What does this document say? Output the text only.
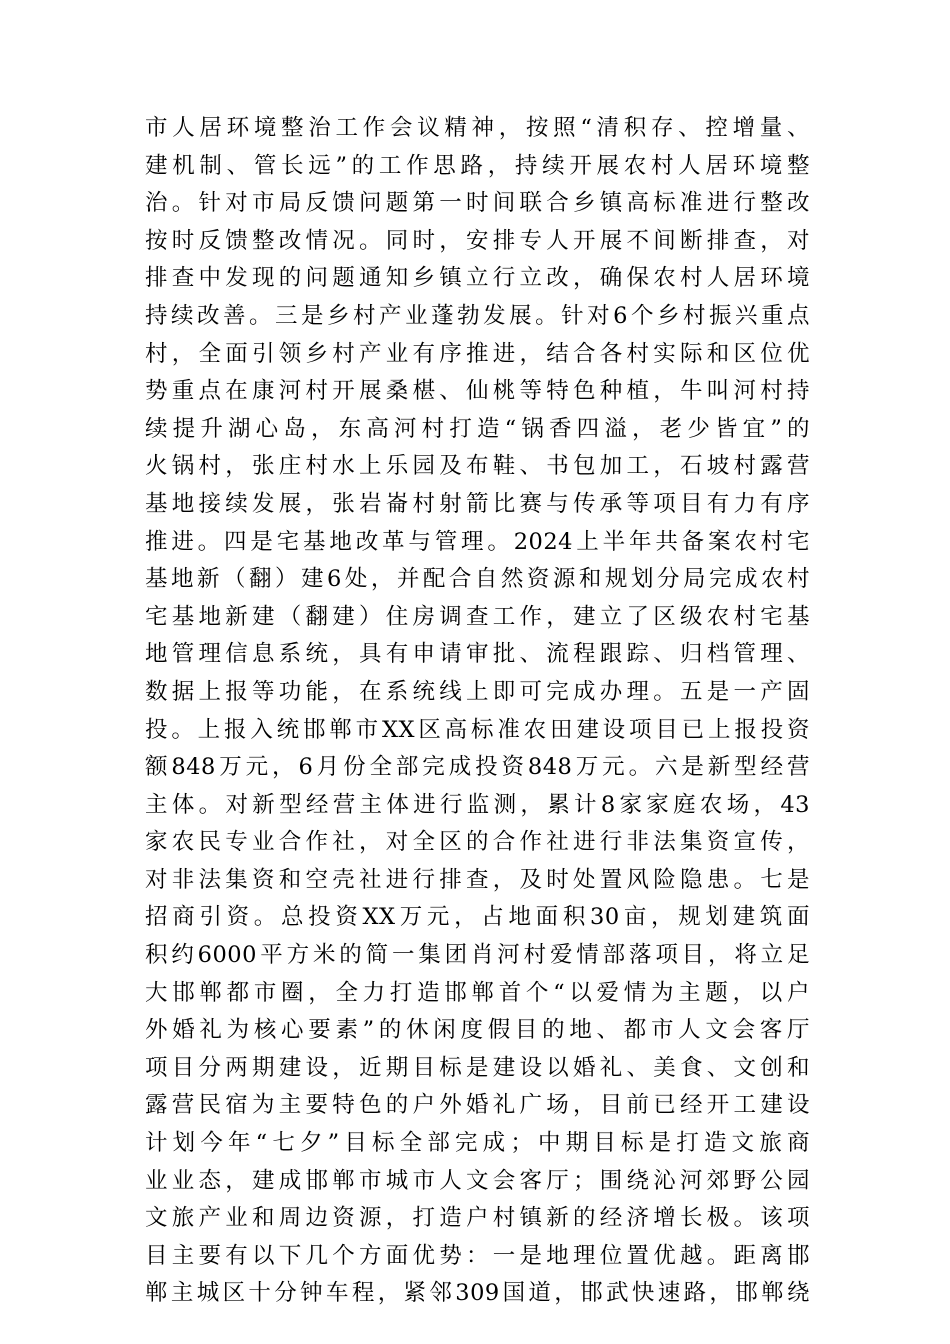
市人居环境整治工作会议精神，按照“清积存、控增量、
建机制、管长远”的工作思路，持续开展农村人居环境整
治。针对市局反馈问题第一时间联合乡镇高标准进行整改
按时反馈整改情况。同时，安排专人开展不间断排查，对
排查中发现的问题通知乡镇立行立改，确保农村人居环境
持续改善。三是乡村产业蓬勃发展。针对6个乡村振兴重点
村，全面引领乡村产业有序推进，结合各村实际和区位优
势重点在康河村开展桑椹、仙桃等特色种植，牛叫河村持
续提升湖心岛，东高河村打造“锅香四溢，老少皆宜”的
火锅村，张庄村水上乐园及布鞋、书包加工，石坡村露营
基地接续发展，张岩崙村射箭比赛与传承等项目有力有序
推进。四是宅基地改革与管理。2024上半年共备案农村宅
基地新（翻）建6处，并配合自然资源和规划分局完成农村
宅基地新建（翻建）住房调查工作，建立了区级农村宅基
地管理信息系统，具有申请审批、流程跟踪、归档管理、
数据上报等功能，在系统线上即可完成办理。五是一产固
投。上报入统邯郸市XX区高标准农田建设项目已上报投资
额848万元，6月份全部完成投资848万元。六是新型经营
主体。对新型经营主体进行监测，累计8家家庭农场，43
家农民专业合作社，对全区的合作社进行非法集资宣传，
对非法集资和空壳社进行排查，及时处置风险隐患。七是
招商引资。总投资XX万元，占地面积30亩，规划建筑面
积约6000平方米的简一集团肖河村爱情部落项目，将立足
大邯郸都市圈，全力打造邯郸首个“以爱情为主题，以户
外婚礼为核心要素”的休闲度假目的地、都市人文会客厅
项目分两期建设，近期目标是建设以婚礼、美食、文创和
露营民宿为主要特色的户外婚礼广场，目前已经开工建设
计划今年“七夕”目标全部完成；中期目标是打造文旅商
业业态，建成邯郸市城市人文会客厅；围绕沁河郊野公园
文旅产业和周边资源，打造户村镇新的经济增长极。该项
目主要有以下几个方面优势：一是地理位置优越。距离邯
郸主城区十分钟车程，紧邻309国道，邯武快速路，邯郸绕
